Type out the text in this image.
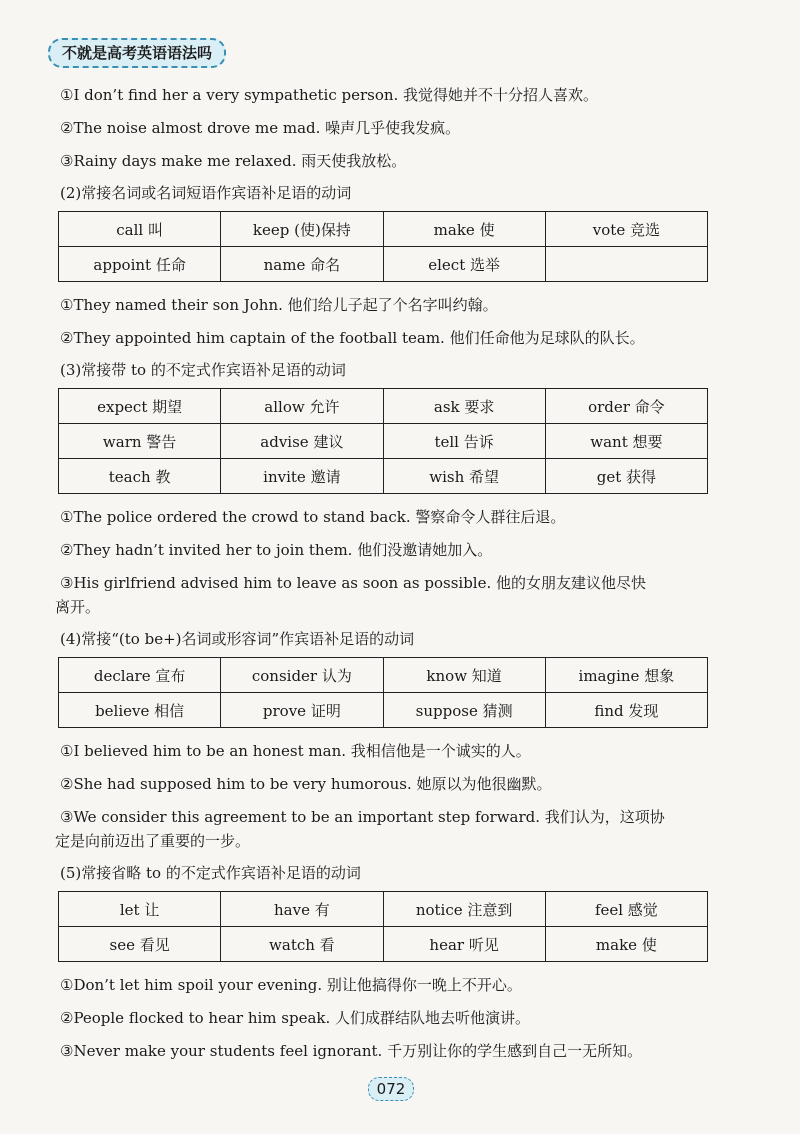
不就是高考英语语法吗
①I don’t find her a very sympathetic person. 我觉得她并不十分招人喜欢。
②The noise almost drove me mad. 噪声几乎使我发疯。
③Rainy days make me relaxed. 雨天使我放松。
(2)常接名词或名词短语作宾语补足语的动词
call 叫	keep (使)保持	make 使	vote 竞选
appoint 任命	name 命名	elect 选举	
①They named their son John. 他们给儿子起了个名字叫约翰。
②They appointed him captain of the football team. 他们任命他为足球队的队长。
(3)常接带 to 的不定式作宾语补足语的动词
expect 期望	allow 允许	ask 要求	order 命令
warn 警告	advise 建议	tell 告诉	want 想要
teach 教	invite 邀请	wish 希望	get 获得
①The police ordered the crowd to stand back. 警察命令人群往后退。
②They hadn’t invited her to join them. 他们没邀请她加入。
③His girlfriend advised him to leave as soon as possible. 他的女朋友建议他尽快
离开。
(4)常接“(to be+)名词或形容词”作宾语补足语的动词
declare 宣布	consider 认为	know 知道	imagine 想象
believe 相信	prove 证明	suppose 猜测	find 发现
①I believed him to be an honest man. 我相信他是一个诚实的人。
②She had supposed him to be very humorous. 她原以为他很幽默。
③We consider this agreement to be an important step forward. 我们认为，这项协
定是向前迈出了重要的一步。
(5)常接省略 to 的不定式作宾语补足语的动词
let 让	have 有	notice 注意到	feel 感觉
see 看见	watch 看	hear 听见	make 使
①Don’t let him spoil your evening. 别让他搞得你一晚上不开心。
②People flocked to hear him speak. 人们成群结队地去听他演讲。
③Never make your students feel ignorant. 千万别让你的学生感到自己一无所知。
072
